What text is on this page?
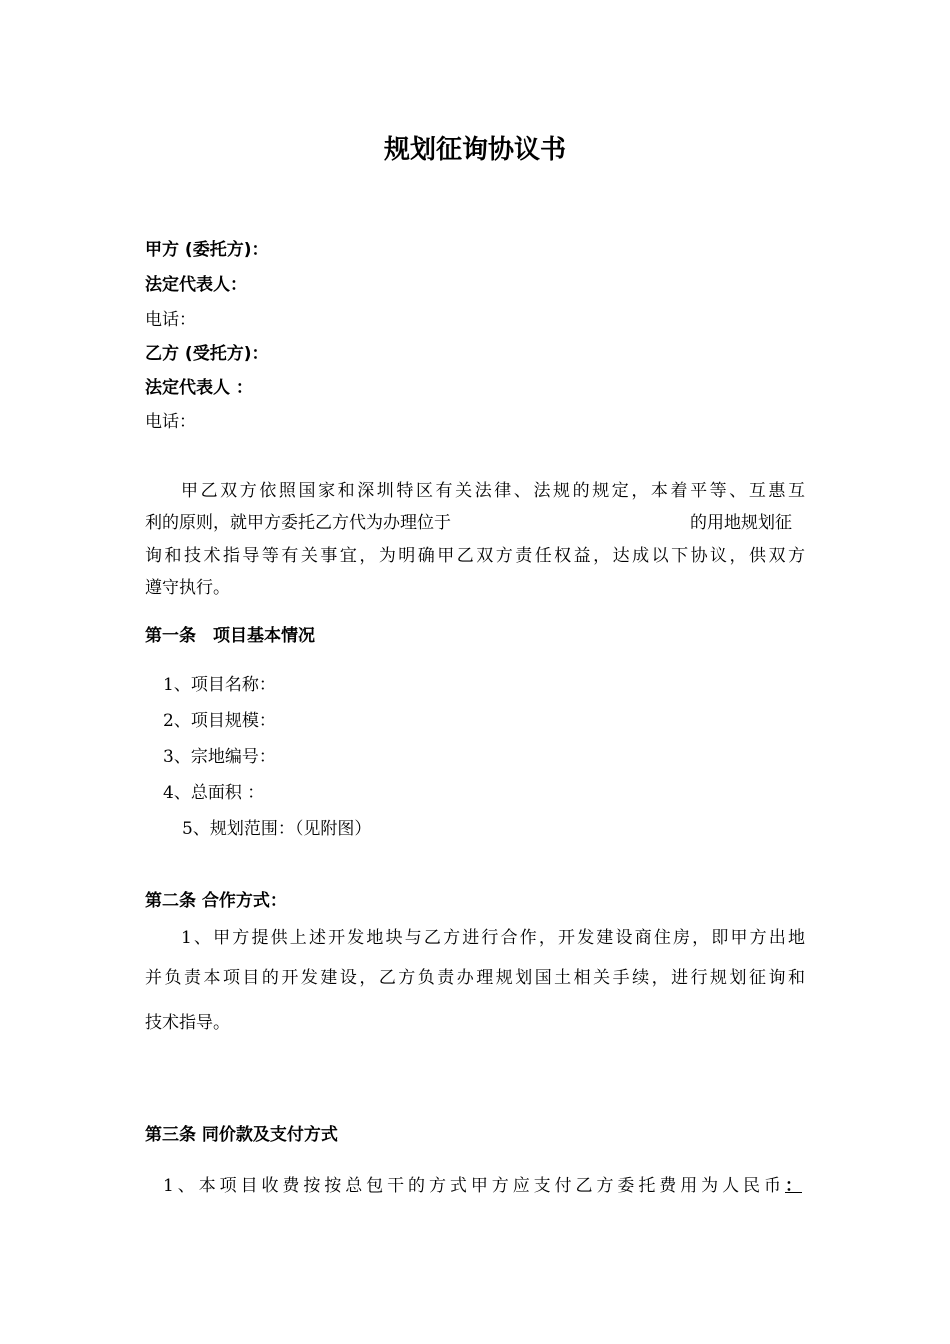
规划征询协议书
甲方 (委托方)：
法定代表人：
电话：
乙方 (受托方)：
法定代表人 ：
电话：
甲乙双方依照国家和深圳特区有关法律、法规的规定，本着平等、互惠互
利的原则，就甲方委托乙方代为办理位于	的用地规划征
询和技术指导等有关事宜，为明确甲乙双方责任权益，达成以下协议，供双方
遵守执行。
第一条　项目基本情况
1、项目名称：
2、项目规模：
3、宗地编号：
4、总面积 ：
5、规划范围：（见附图）
第二条 合作方式：
1、甲方提供上述开发地块与乙方进行合作，开发建设商住房，即甲方出地
并负责本项目的开发建设，乙方负责办理规划国土相关手续，进行规划征询和
技术指导。
第三条 同价款及支付方式
1、本项目收费按按总包干的方式甲方应支付乙方委托费用为人民币 ：
